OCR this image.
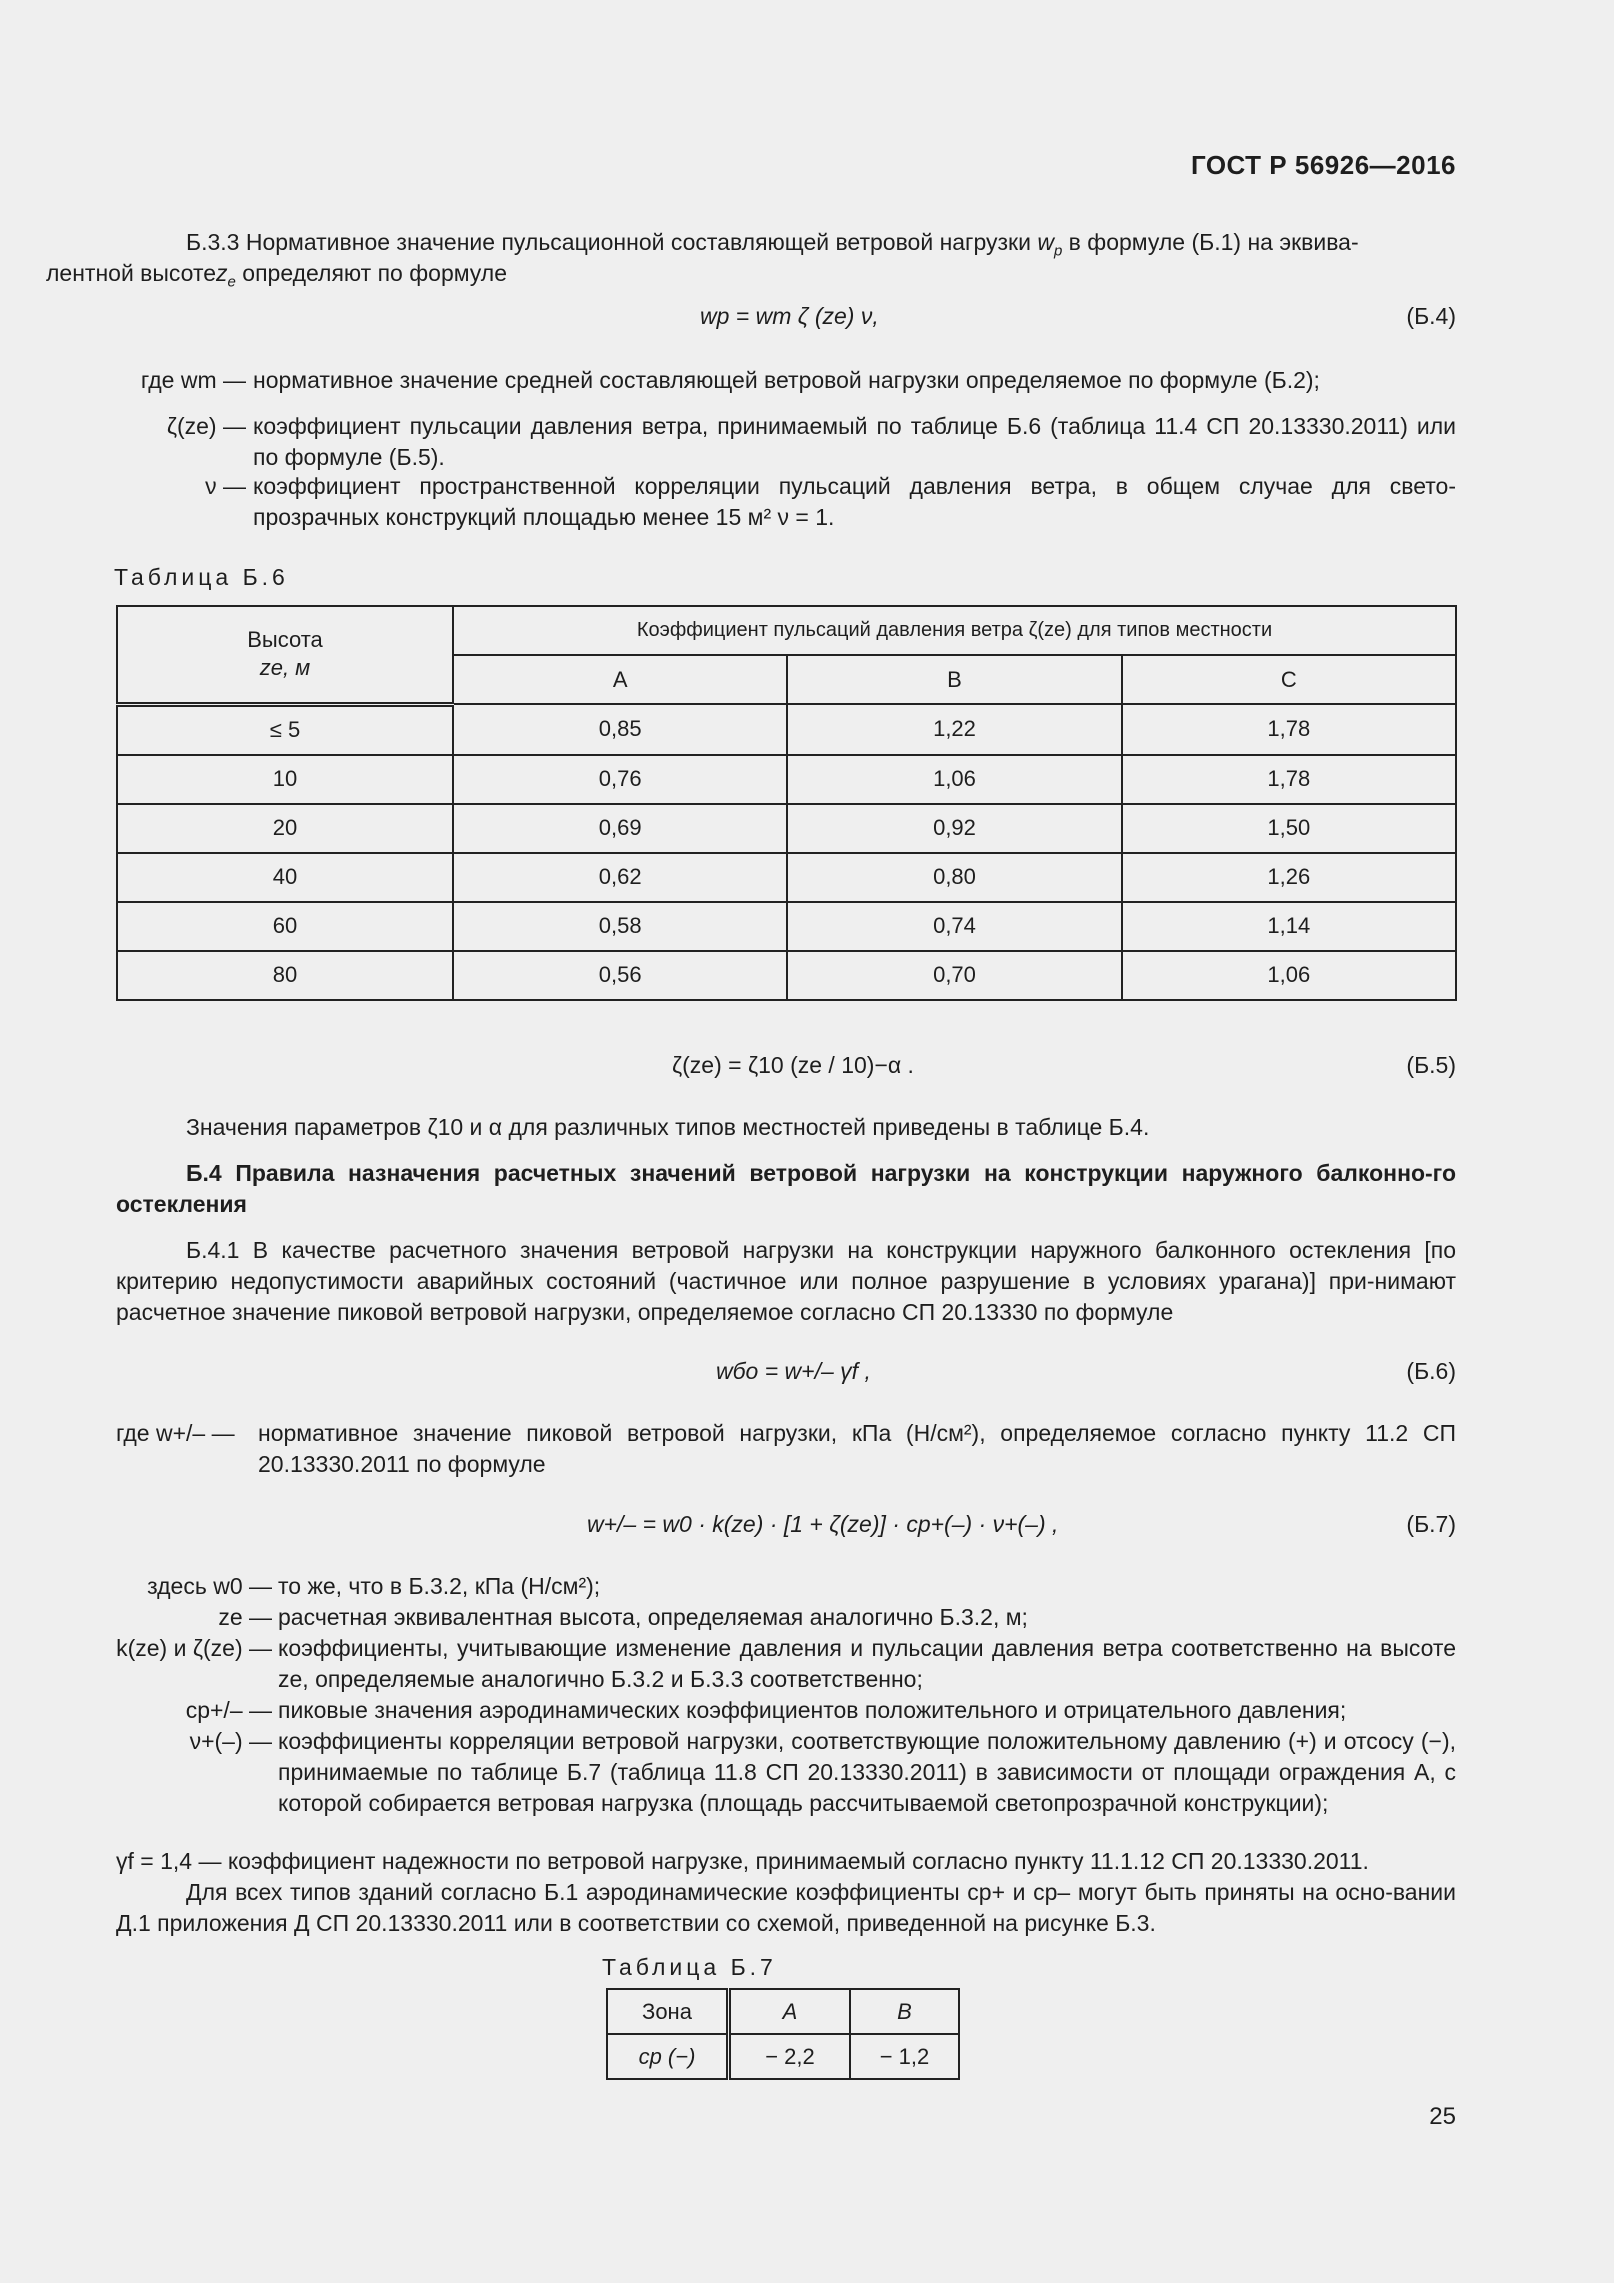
ГОСТ Р 56926—2016
Б.3.3 Нормативное значение пульсационной составляющей ветровой нагрузки $w_p$ в формуле (Б.1) на эквива-
лентной высотеz$_e$ определяют по формуле
wp = wm ζ (ze) ν,	(Б.4)
где wm — нормативное значение средней составляющей ветровой нагрузки определяемое по формуле (Б.2);
ζ(ze) — коэффициент пульсации давления ветра, принимаемый по таблице Б.6 (таблица 11.4 СП 20.13330.2011) или по формуле (Б.5).
ν — коэффициент пространственной корреляции пульсаций давления ветра, в общем случае для свето-прозрачных конструкций площадью менее 15 м² ν = 1.
Таблица Б.6
Высота
ze, м	Коэффициент пульсаций давления ветра ζ(ze) для типов местности		
	A	B	C
≤ 5	0,85	1,22	1,78
10	0,76	1,06	1,78
20	0,69	0,92	1,50
40	0,62	0,80	1,26
60	0,58	0,74	1,14
80	0,56	0,70	1,06
ζ(ze) = ζ10 (ze / 10)−α .	(Б.5)
Значения параметров ζ10 и α для различных типов местностей приведены в таблице Б.4.
Б.4 Правила назначения расчетных значений ветровой нагрузки на конструкции наружного балконно-го остекления
Б.4.1 В качестве расчетного значения ветровой нагрузки на конструкции наружного балконного остекления [по критерию недопустимости аварийных состояний (частичное или полное разрушение в условиях урагана)] при-нимают расчетное значение пиковой ветровой нагрузки, определяемое согласно СП 20.13330 по формуле
wбо = w+/– γf ,	(Б.6)
где w+/– —	нормативное значение пиковой ветровой нагрузки, кПа (Н/см²), определяемое согласно пункту 11.2 СП 20.13330.2011 по формуле
w+/– = w0 · k(ze) · [1 + ζ(ze)] · cp+(–) · ν+(–) ,	(Б.7)
здесь w0 — то же, что в Б.3.2, кПа (Н/см²);
ze — расчетная эквивалентная высота, определяемая аналогично Б.3.2, м;
k(ze) и ζ(ze) — коэффициенты, учитывающие изменение давления и пульсации давления ветра соответственно на высоте ze, определяемые аналогично Б.3.2 и Б.3.3 соответственно;
cp+/– — пиковые значения аэродинамических коэффициентов положительного и отрицательного давления;
ν+(–) — коэффициенты корреляции ветровой нагрузки, соответствующие положительному давлению (+) и отсосу (−), принимаемые по таблице Б.7 (таблица 11.8 СП 20.13330.2011) в зависимости от площади ограждения A, с которой собирается ветровая нагрузка (площадь рассчитываемой светопрозрачной конструкции);
γf = 1,4 — коэффициент надежности по ветровой нагрузке, принимаемый согласно пункту 11.1.12 СП 20.13330.2011.
Для всех типов зданий согласно Б.1 аэродинамические коэффициенты cp+ и cp– могут быть приняты на осно-вании Д.1 приложения Д СП 20.13330.2011 или в соответствии со схемой, приведенной на рисунке Б.3.
Таблица Б.7
Зона	A	B
cp (−)	− 2,2	− 1,2
25
